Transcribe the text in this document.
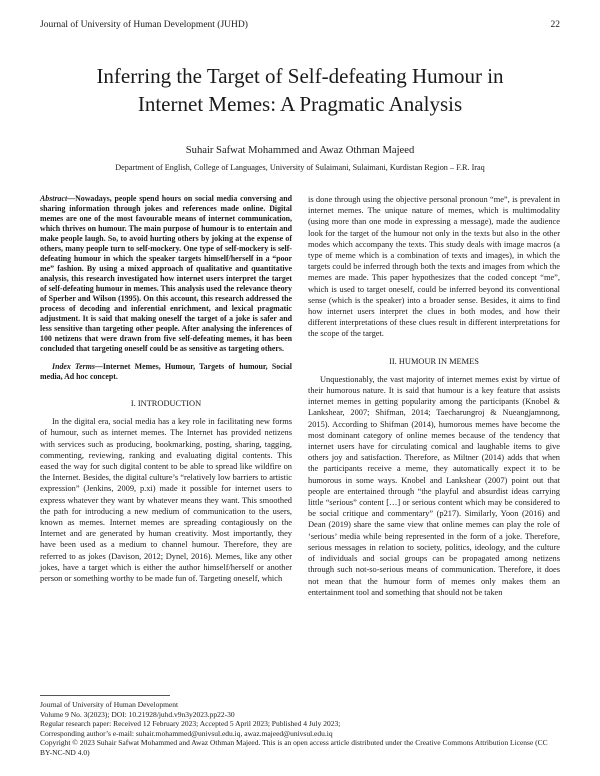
Journal of University of Human Development (JUHD)	22
Inferring the Target of Self-defeating Humour in
Internet Memes: A Pragmatic Analysis
Suhair Safwat Mohammed and Awaz Othman Majeed
Department of English, College of Languages, University of Sulaimani, Sulaimani, Kurdistan Region – F.R. Iraq

Abstract—Nowadays, people spend hours on social media conversing and sharing information through jokes and references made online. Digital memes are one of the most favourable means of internet communication, which thrives on humour. The main purpose of humour is to entertain and make people laugh. So, to avoid hurting others by joking at the expense of others, many people turn to self-mockery. One type of self-mockery is self-defeating humour in which the speaker targets himself/herself in a “poor me” fashion. By using a mixed approach of qualitative and quantitative analysis, this research investigated how internet users interpret the target of self-defeating humour in memes. This analysis used the relevance theory of Sperber and Wilson (1995). On this account, this research addressed the process of decoding and inferential enrichment, and lexical pragmatic adjustment. It is said that making oneself the target of a joke is safer and less sensitive than targeting other people. After analysing the inferences of 100 netizens that were drawn from five self-defeating memes, it has been concluded that targeting oneself could be as sensitive as targeting others.

Index Terms—Internet Memes, Humour, Targets of humour, Social media, Ad hoc concept.

I. INTRODUCTION

In the digital era, social media has a key role in facilitating new forms of humour, such as internet memes. The Internet has provided netizens with services such as producing, bookmarking, posting, sharing, tagging, commenting, reviewing, ranking and evaluating digital contents. This eased the way for such digital content to be able to spread like wildfire on the Internet. Besides, the digital culture’s “relatively low barriers to artistic expression” (Jenkins, 2009, p.xi) made it possible for internet users to express whatever they want by whatever means they want. This smoothed the path for introducing a new medium of communication to the users, known as memes. Internet memes are spreading contagiously on the Internet and are generated by human creativity. Most importantly, they have been used as a medium to channel humour. Therefore, they are referred to as jokes (Davison, 2012; Dynel, 2016). Memes, like any other jokes, have a target which is either the author himself/herself or another person or something worthy to be made fun of. Targeting oneself, which

is done through using the objective personal pronoun “me”, is prevalent in internet memes. The unique nature of memes, which is multimodality (using more than one mode in expressing a message), made the audience look for the target of the humour not only in the texts but also in the other modes which accompany the texts. This study deals with image macros (a type of meme which is a combination of texts and images), in which the targets could be inferred through both the texts and images from which the memes are made. This paper hypothesizes that the coded concept “me”, which is used to target oneself, could be inferred beyond its conventional sense (which is the speaker) into a broader sense. Besides, it aims to find how internet users interpret the clues in both modes, and how their different interpretations of these clues result in different interpretations for the scope of the target.

II. HUMOUR IN MEMES

Unquestionably, the vast majority of internet memes exist by virtue of their humorous nature. It is said that humour is a key feature that assists internet memes in getting popularity among the participants (Knobel & Lankshear, 2007; Shifman, 2014; Taecharungroj & Nueangjamnong, 2015). According to Shifman (2014), humorous memes have become the most dominant category of online memes because of the tendency that internet users have for circulating comical and laughable items to give others joy and satisfaction. Therefore, as Miltner (2014) adds that when the participants receive a meme, they automatically expect it to be humorous in some ways. Knobel and Lankshear (2007) point out that people are entertained through “the playful and absurdist ideas carrying little “serious” content […] or serious content which may be considered to be social critique and commentary” (p217). Similarly, Yoon (2016) and Dean (2019) share the same view that online memes can play the role of ‘serious’ media while being represented in the form of a joke. Therefore, serious messages in relation to society, politics, ideology, and the culture of individuals and social groups can be propagated among netizens through such not-so-serious means of communication. Therefore, it does not mean that the humour form of memes only makes them an entertainment tool and something that should not be taken

Journal of University of Human Development

Volume 9 No. 3(2023); DOI: 10.21928/juhd.v9n3y2023.pp22-30

Regular research paper: Received 12 February 2023; Accepted 5 April 2023; Published 4 July 2023;

Corresponding author’s e-mail: suhair.mohammed@univsul.edu.iq, awaz.majeed@univsul.edu.iq

Copyright © 2023 Suhair Safwat Mohammed and Awaz Othman Majeed. This is an open access article distributed under the Creative Commons Attribution License (CC BY-NC-ND 4.0)
